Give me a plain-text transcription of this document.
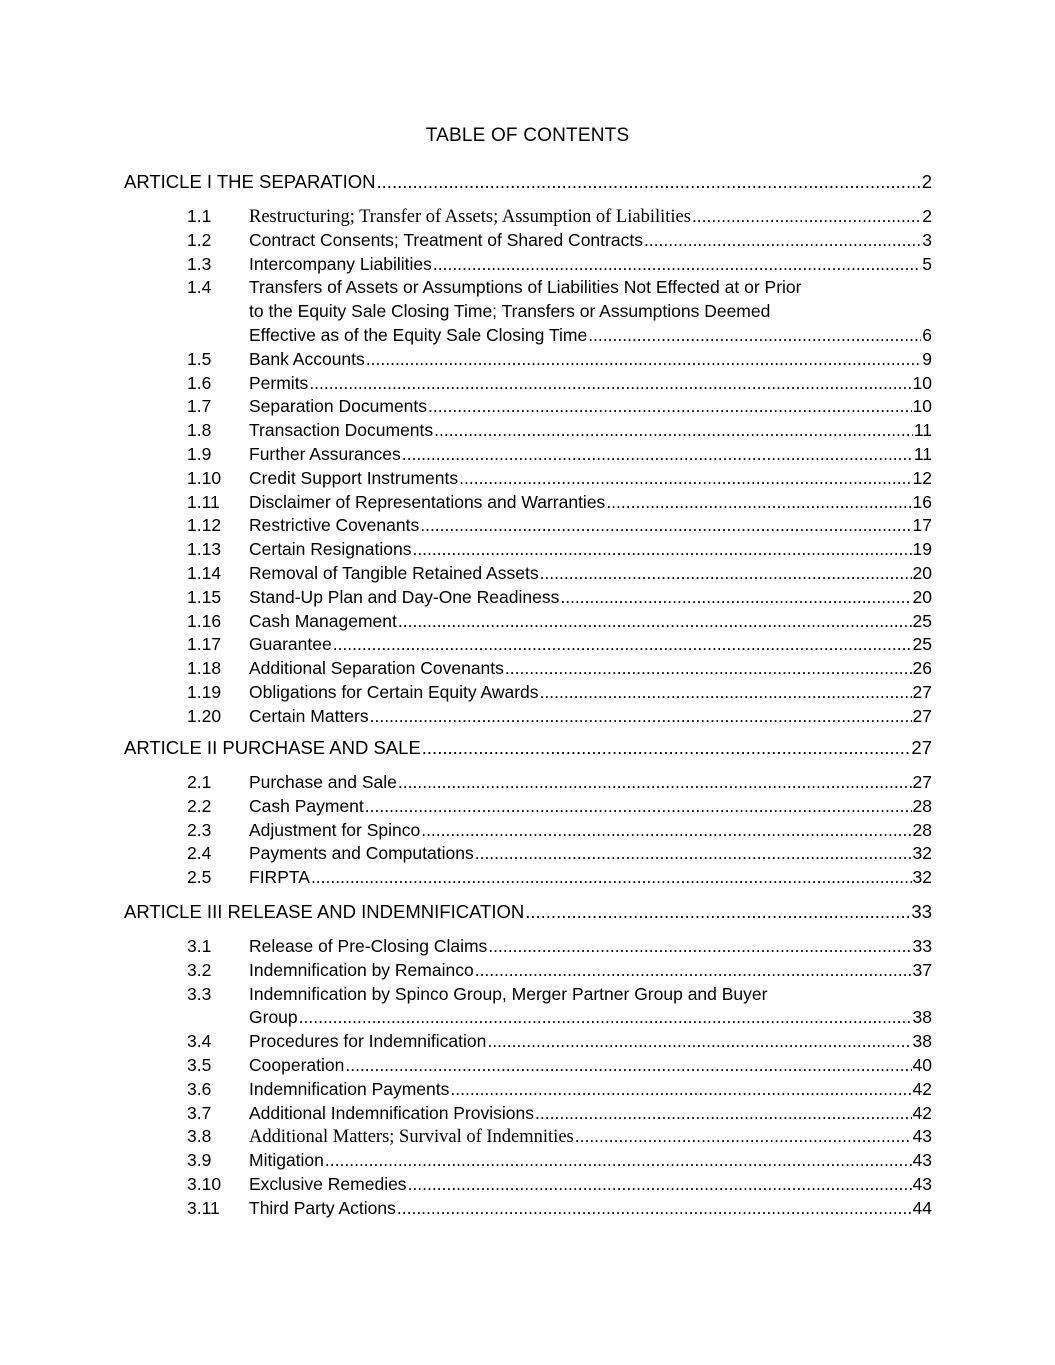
TABLE OF CONTENTS
ARTICLE I THE SEPARATION .....	2
1.1 Restructuring; Transfer of Assets; Assumption of Liabilities .....	2
1.2 Contract Consents; Treatment of Shared Contracts .....	3
1.3 Intercompany Liabilities .....	5
1.4 Transfers of Assets or Assumptions of Liabilities Not Effected at or Prior
to the Equity Sale Closing Time; Transfers or Assumptions Deemed
Effective as of the Equity Sale Closing Time .....	6
1.5 Bank Accounts .....	9
1.6 Permits .....	10
1.7 Separation Documents .....	10
1.8 Transaction Documents .....	11
1.9 Further Assurances .....	11
1.10 Credit Support Instruments .....	12
1.11 Disclaimer of Representations and Warranties .....	16
1.12 Restrictive Covenants .....	17
1.13 Certain Resignations .....	19
1.14 Removal of Tangible Retained Assets .....	20
1.15 Stand-Up Plan and Day-One Readiness .....	20
1.16 Cash Management .....	25
1.17 Guarantee .....	25
1.18 Additional Separation Covenants .....	26
1.19 Obligations for Certain Equity Awards .....	27
1.20 Certain Matters .....	27
ARTICLE II PURCHASE AND SALE .....	27
2.1 Purchase and Sale .....	27
2.2 Cash Payment .....	28
2.3 Adjustment for Spinco .....	28
2.4 Payments and Computations .....	32
2.5 FIRPTA .....	32
ARTICLE III RELEASE AND INDEMNIFICATION .....	33
3.1 Release of Pre-Closing Claims .....	33
3.2 Indemnification by Remainco .....	37
3.3 Indemnification by Spinco Group, Merger Partner Group and Buyer
Group .....	38
3.4 Procedures for Indemnification .....	38
3.5 Cooperation .....	40
3.6 Indemnification Payments .....	42
3.7 Additional Indemnification Provisions .....	42
3.8 Additional Matters; Survival of Indemnities .....	43
3.9 Mitigation .....	43
3.10 Exclusive Remedies .....	43
3.11 Third Party Actions .....	44
